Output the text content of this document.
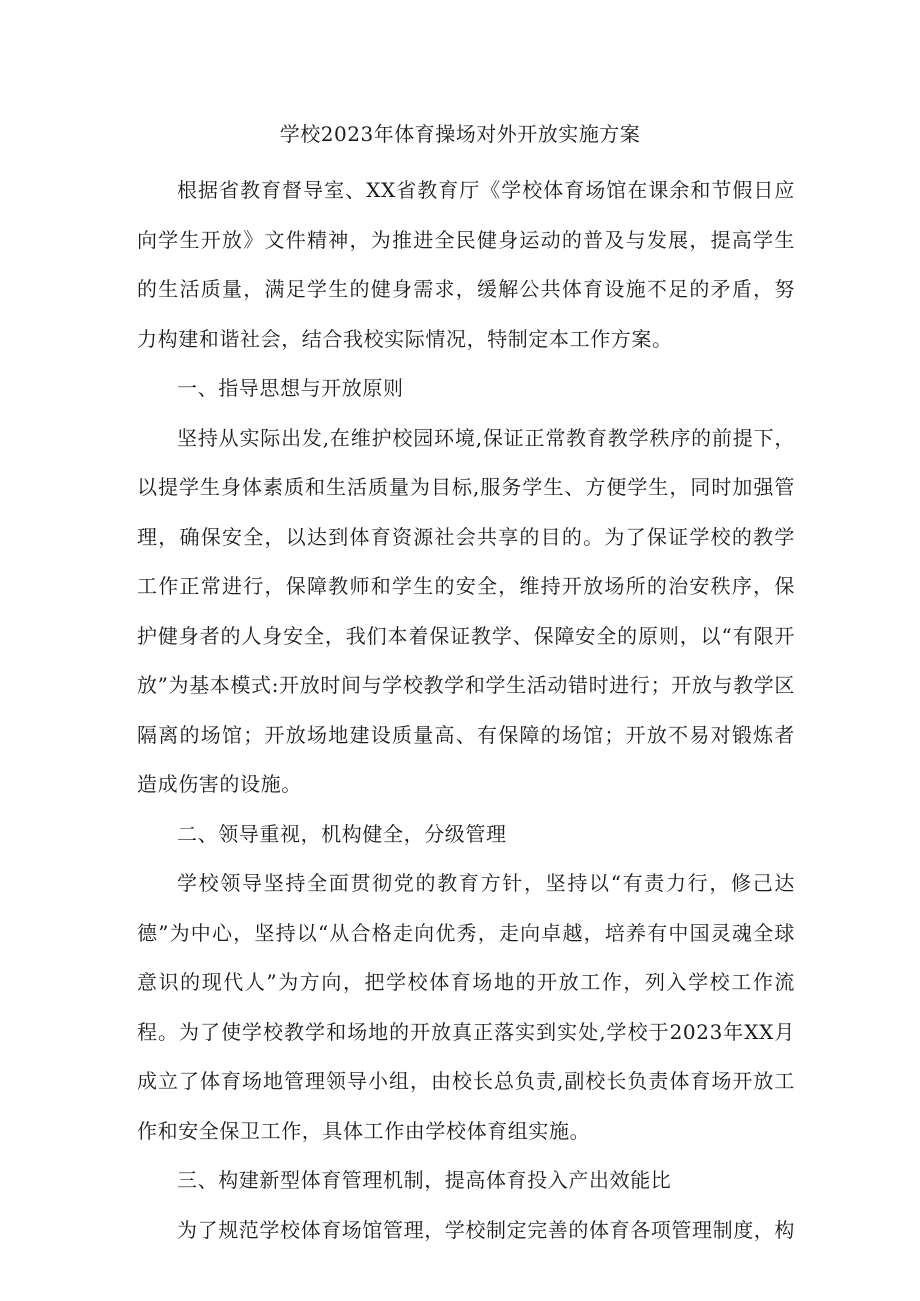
学校2023年体育操场对外开放实施方案

根据省教育督导室、XX省教育厅《学校体育场馆在课余和节假日应向学生开放》文件精神，为推进全民健身运动的普及与发展，提高学生的生活质量，满足学生的健身需求，缓解公共体育设施不足的矛盾，努力构建和谐社会，结合我校实际情况，特制定本工作方案。

一、指导思想与开放原则

坚持从实际出发,在维护校园环境,保证正常教育教学秩序的前提下，以提学生身体素质和生活质量为目标,服务学生、方便学生，同时加强管理，确保安全，以达到体育资源社会共享的目的。为了保证学校的教学工作正常进行，保障教师和学生的安全，维持开放场所的治安秩序，保护健身者的人身安全，我们本着保证教学、保障安全的原则，以“有限开放”为基本模式:开放时间与学校教学和学生活动错时进行；开放与教学区隔离的场馆；开放场地建设质量高、有保障的场馆；开放不易对锻炼者造成伤害的设施。

二、领导重视，机构健全，分级管理

学校领导坚持全面贯彻党的教育方针，坚持以“有责力行，修己达德”为中心，坚持以“从合格走向优秀，走向卓越，培养有中国灵魂全球意识的现代人”为方向，把学校体育场地的开放工作，列入学校工作流程。为了使学校教学和场地的开放真正落实到实处,学校于2023年XX月成立了体育场地管理领导小组，由校长总负责,副校长负责体育场开放工作和安全保卫工作，具体工作由学校体育组实施。

三、构建新型体育管理机制，提高体育投入产出效能比

为了规范学校体育场馆管理，学校制定完善的体育各项管理制度，构
